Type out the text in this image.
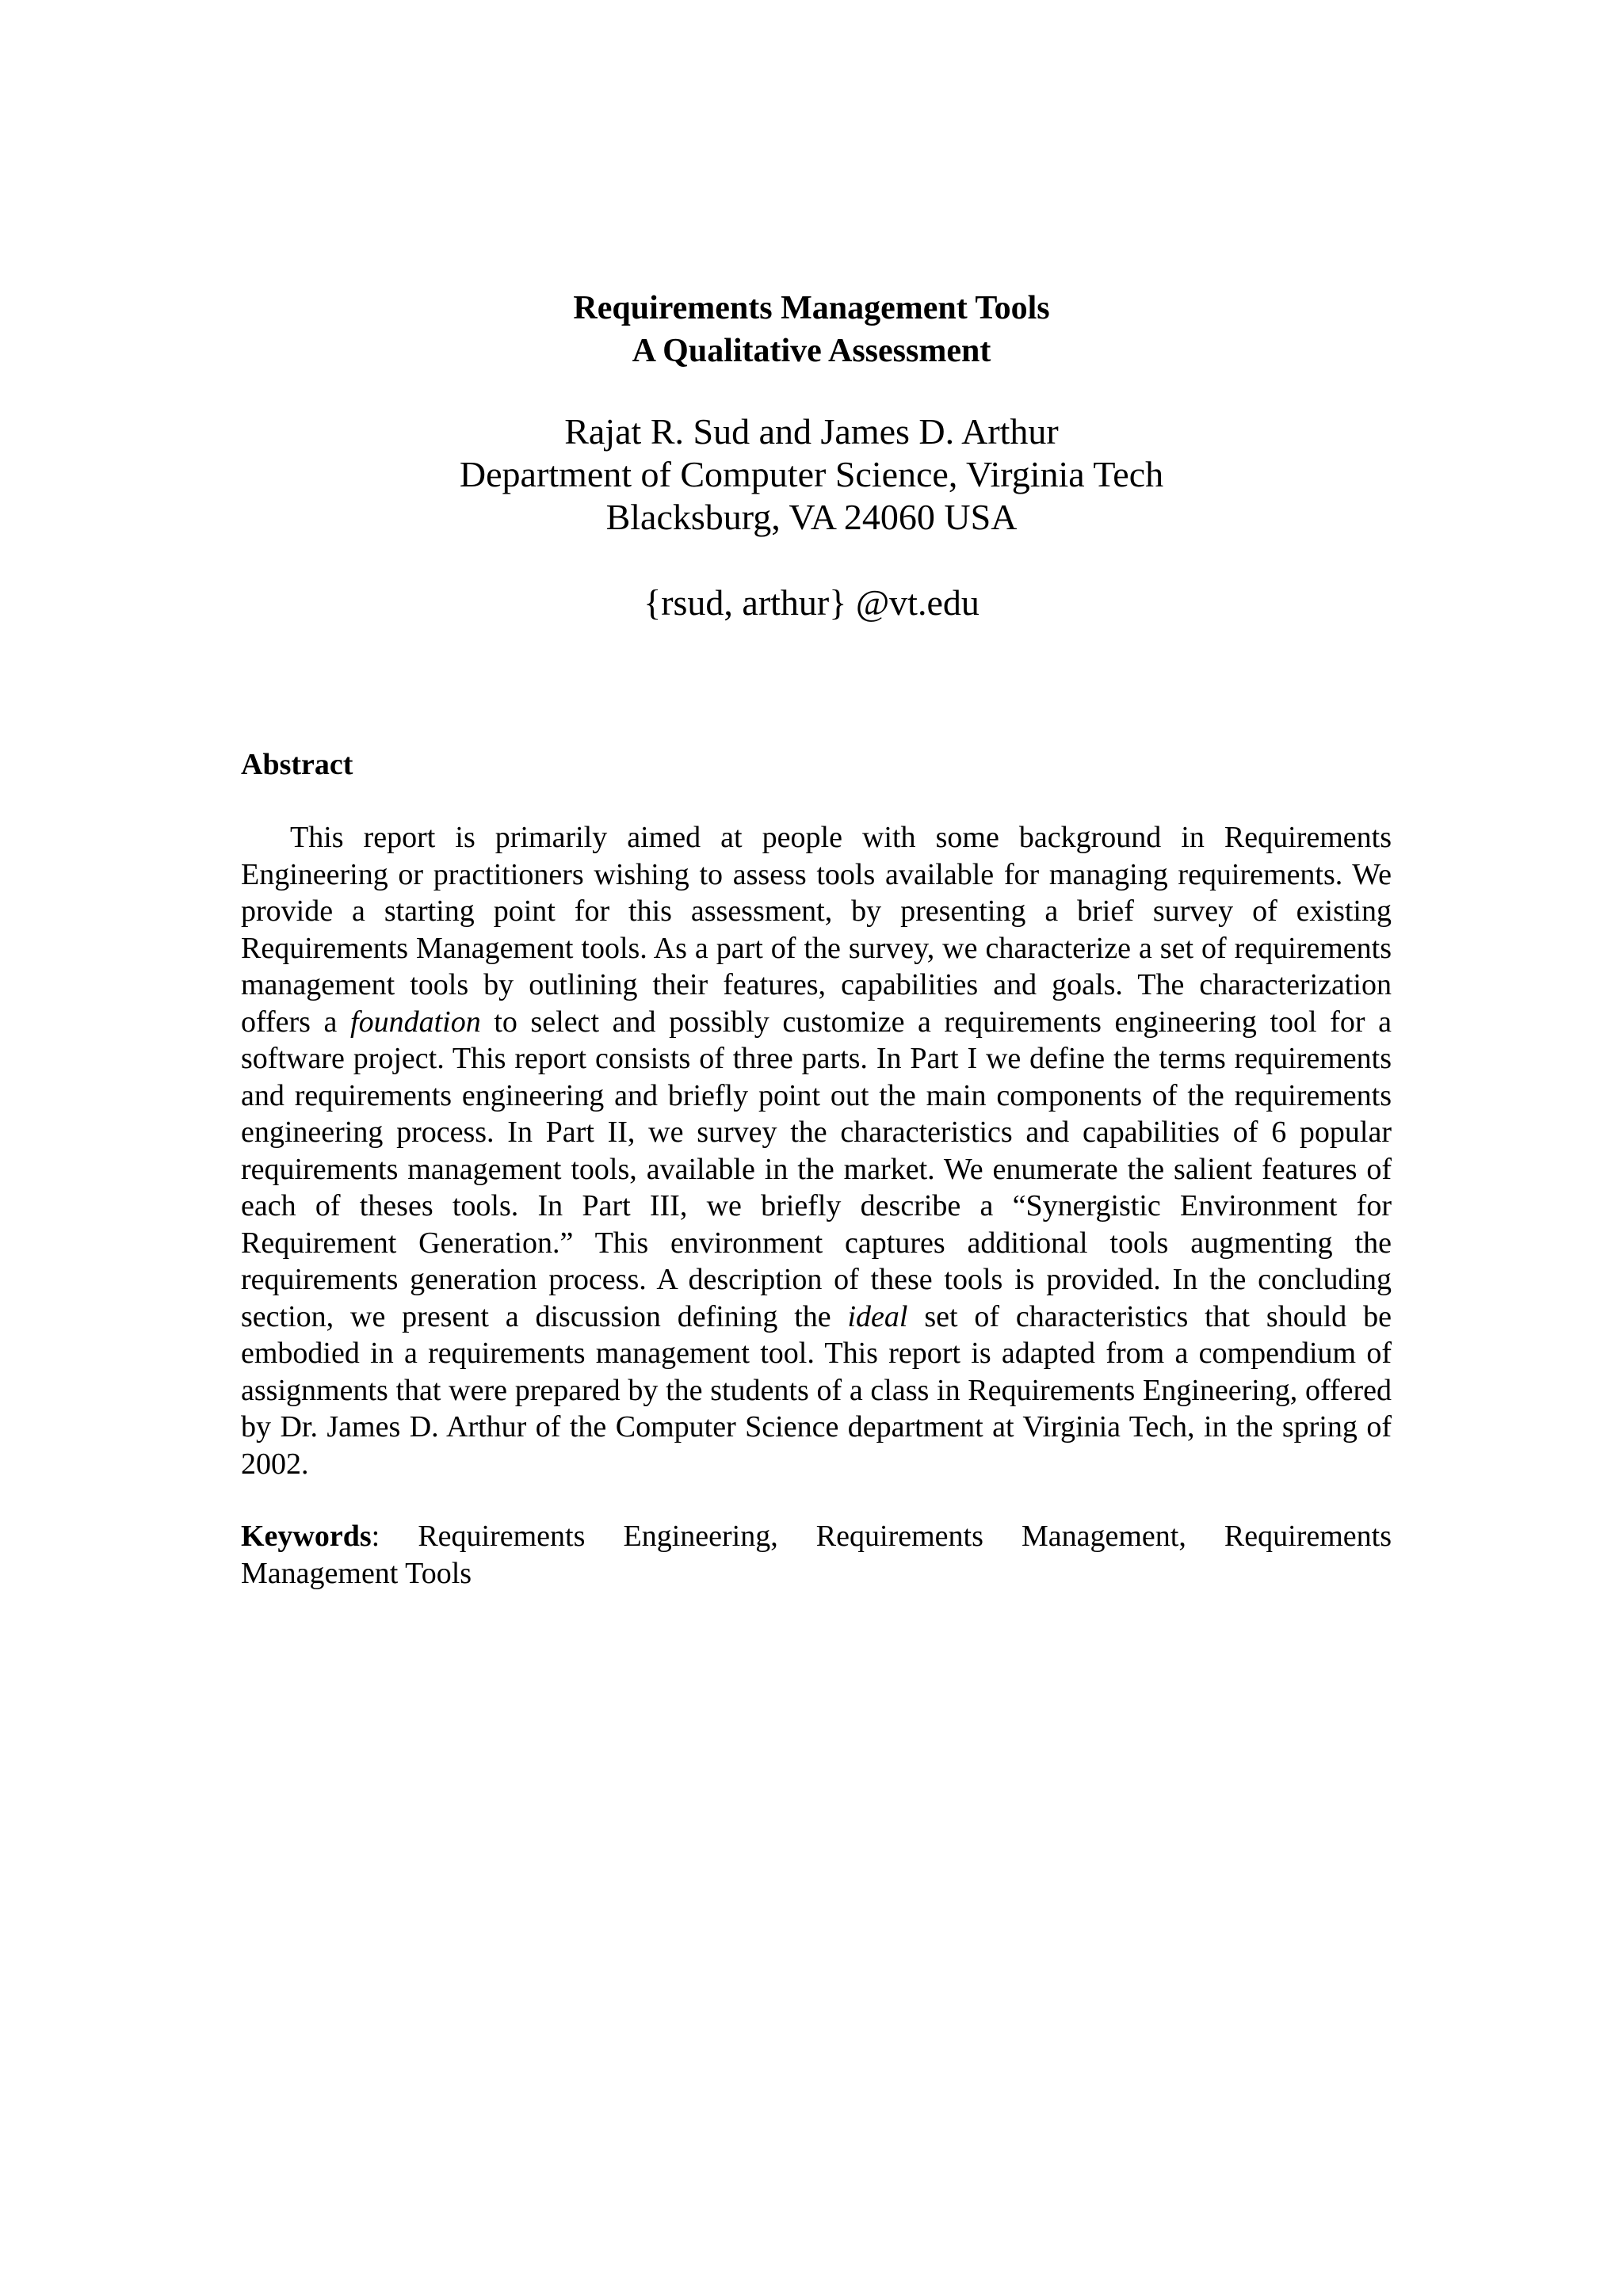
Requirements Management Tools
A Qualitative Assessment
Rajat R. Sud and James D. Arthur
Department of Computer Science, Virginia Tech
Blacksburg, VA 24060 USA
{rsud, arthur} @vt.edu
Abstract

This report is primarily aimed at people with some background in Requirements Engineering or practitioners wishing to assess tools available for managing requirements. We provide a starting point for this assessment, by presenting a brief survey of existing Requirements Management tools. As a part of the survey, we characterize a set of requirements management tools by outlining their features, capabilities and goals. The characterization offers a foundation to select and possibly customize a requirements engineering tool for a software project. This report consists of three parts. In Part I we define the terms requirements and requirements engineering and briefly point out the main components of the requirements engineering process. In Part II, we survey the characteristics and capabilities of 6 popular requirements management tools, available in the market. We enumerate the salient features of each of theses tools. In Part III, we briefly describe a “Synergistic Environment for Requirement Generation.” This environment captures additional tools augmenting the requirements generation process. A description of these tools is provided. In the concluding section, we present a discussion defining the ideal set of characteristics that should be embodied in a requirements management tool. This report is adapted from a compendium of assignments that were prepared by the students of a class in Requirements Engineering, offered by Dr. James D. Arthur of the Computer Science department at Virginia Tech, in the spring of 2002.

Keywords: Requirements Engineering, Requirements Management, Requirements Management Tools
